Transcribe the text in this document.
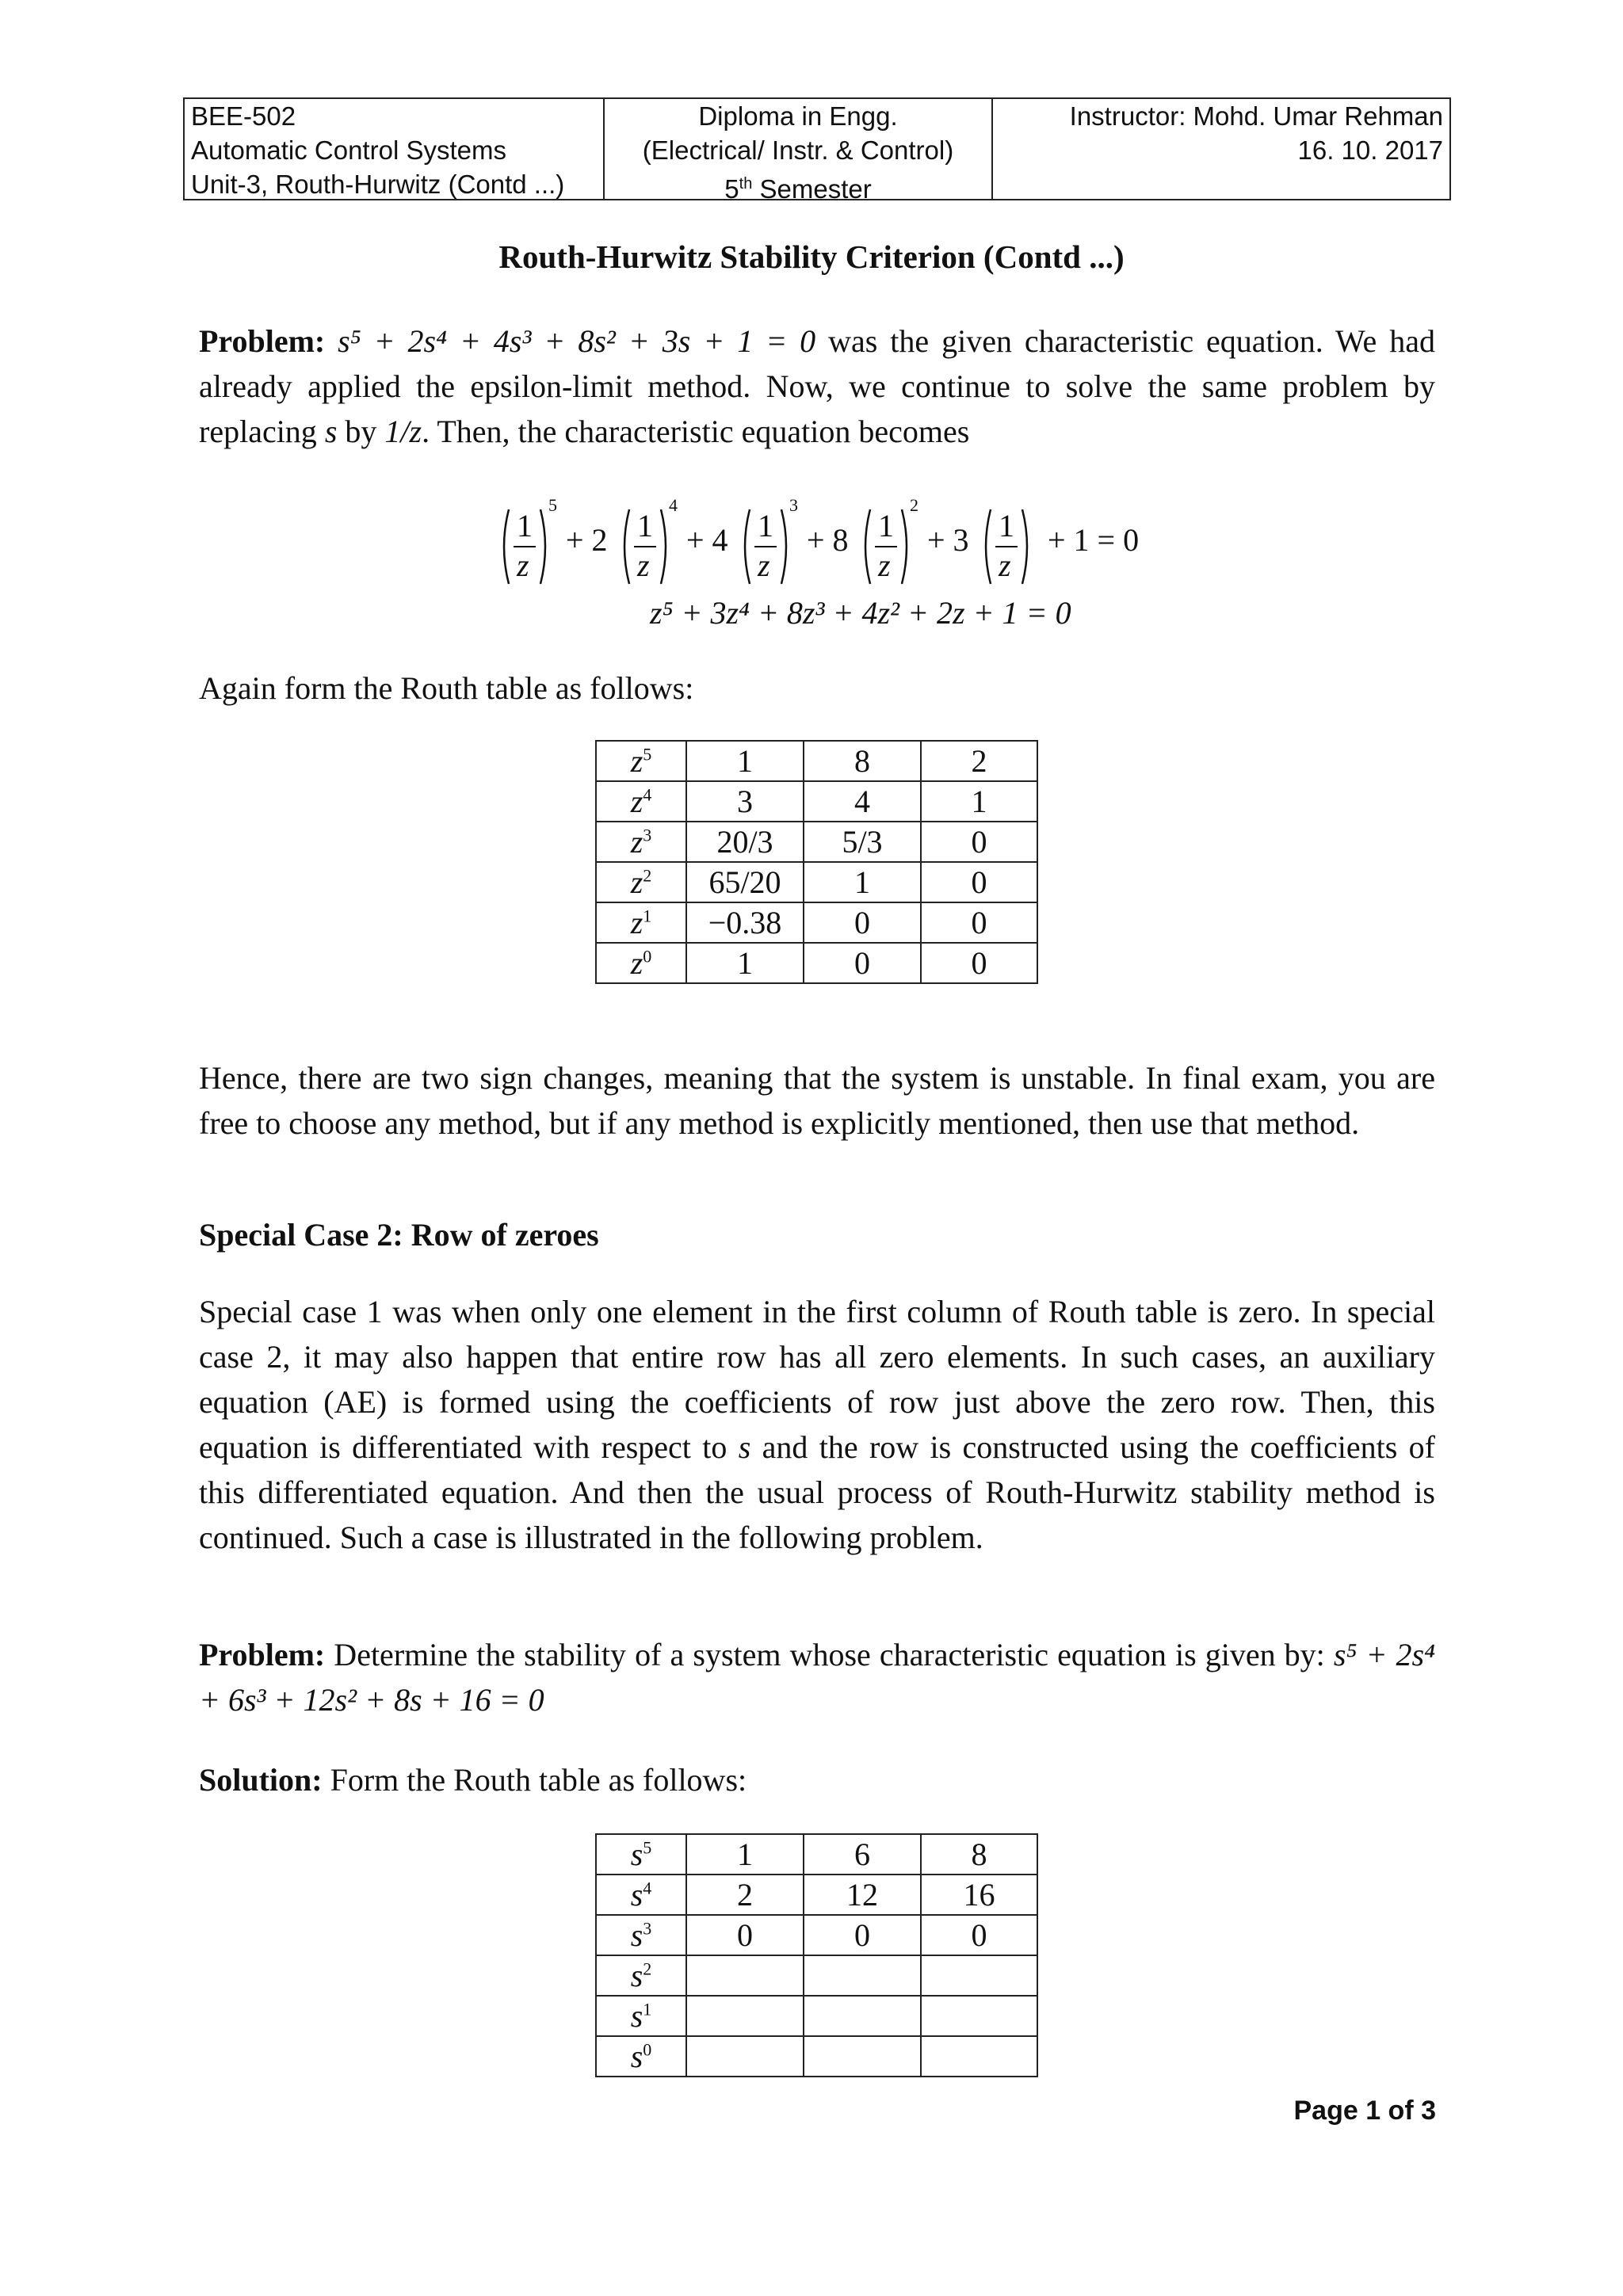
BEE-502
Automatic Control Systems
Unit-3, Routh-Hurwitz (Contd ...)
Diploma in Engg.
(Electrical/ Instr. & Control)
5th Semester
Instructor: Mohd. Umar Rehman
16. 10. 2017
Routh-Hurwitz Stability Criterion (Contd ...)
Problem: s⁵ + 2s⁴ + 4s³ + 8s² + 3s + 1 = 0 was the given characteristic equation. We had already applied the epsilon-limit method. Now, we continue to solve the same problem by replacing s by 1/z. Then, the characteristic equation becomes
1
z
5
+ 2 1
z
4
+ 4 1
z
3
+ 8 1
z
2
+ 3 1
z
+ 1 = 0
z⁵ + 3z⁴ + 8z³ + 4z² + 2z + 1 = 0
Again form the Routh table as follows:
$z^5$	1	8	2
$z^4$	3	4	1
$z^3$	20/3	5/3	0
$z^2$	65/20	1	0
$z^1$	−0.38	0	0
$z^0$	1	0	0
Hence, there are two sign changes, meaning that the system is unstable. In final exam, you are free to choose any method, but if any method is explicitly mentioned, then use that method.
Special Case 2: Row of zeroes
Special case 1 was when only one element in the first column of Routh table is zero. In special case 2, it may also happen that entire row has all zero elements. In such cases, an auxiliary equation (AE) is formed using the coefficients of row just above the zero row. Then, this equation is differentiated with respect to s and the row is constructed using the coefficients of this differentiated equation. And then the usual process of Routh-Hurwitz stability method is continued. Such a case is illustrated in the following problem.
Problem: Determine the stability of a system whose characteristic equation is given by: s⁵ + 2s⁴ + 6s³ + 12s² + 8s + 16 = 0
Solution: Form the Routh table as follows:
$s^5$	1	6	8
$s^4$	2	12	16
$s^3$	0	0	0
$s^2$			
$s^1$			
$s^0$			
Page 1 of 3
